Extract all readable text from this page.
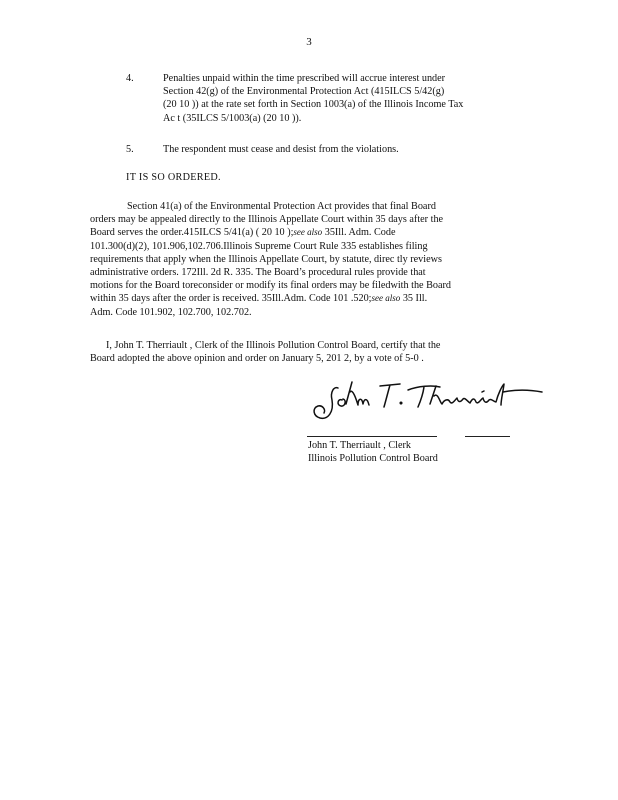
3
4.	Penalties unpaid within the time prescribed will accrue interest under
Section 42(g) of the Environmental Protection Act (415ILCS 5/42(g)
(20 10 )) at the rate set forth in Section 1003(a) of the Illinois Income Tax
Ac t (35ILCS 5/1003(a) (20 10 )).
5.	The respondent must cease and desist from the violations.
IT IS SO ORDERED.
Section 41(a) of the Environmental Protection Act provides that final Board
orders may be appealed directly to the Illinois Appellate Court within 35 days after the
Board serves the order.415ILCS 5/41(a) ( 20 10 );see also 35Ill. Adm. Code
101.300(d)(2), 101.906,102.706.Illinois Supreme Court Rule 335 establishes filing
requirements that apply when the Illinois Appellate Court, by statute, direc tly reviews
administrative orders. 172Ill. 2d R. 335. The Board’s procedural rules provide that
motions for the Board toreconsider or modify its final orders may be filedwith the Board
within 35 days after the order is received. 35Ill.Adm. Code 101 .520;see also 35 Ill.
Adm. Code 101.902, 102.700, 102.702.
I, John T. Therriault , Clerk of the Illinois Pollution Control Board, certify that the
Board adopted the above opinion and order on January 5, 201 2, by a vote of 5-0 .
John T. Therriault , Clerk
Illinois Pollution Control Board
